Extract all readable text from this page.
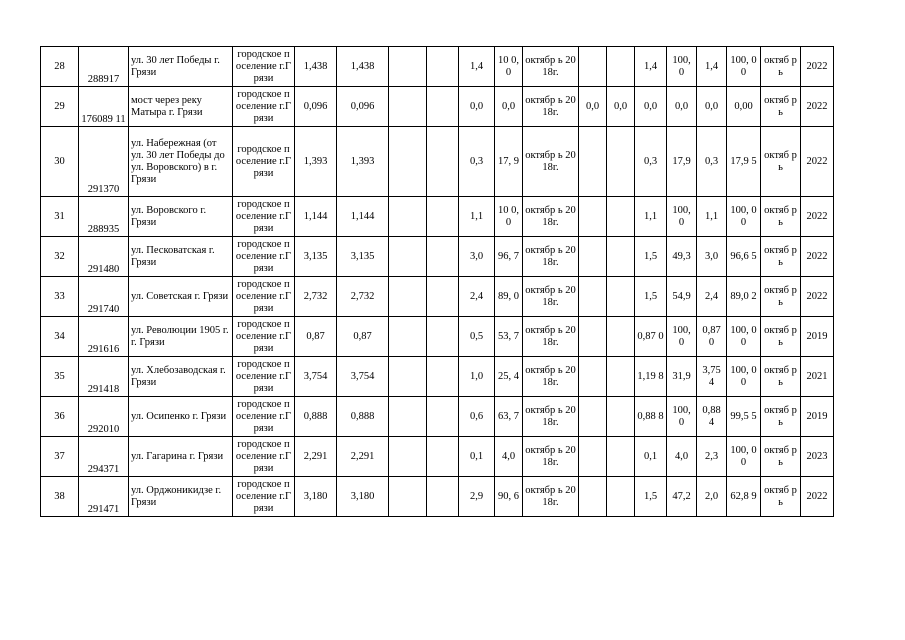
28	288917	ул. 30 лет Победы г. Грязи	городское поселение г.Грязи	1,438	1,438			1,4	10 0,0	октябр ь 2018г.			1,4	100, 0	1,4	100, 00	октяб рь	2022
29	176089 11	мост через реку Матыра г. Грязи	городское поселение г.Грязи	0,096	0,096			0,0	0,0	октябр ь 2018г.	0,0	0,0	0,0	0,0	0,0	0,00	октяб рь	2022
30	291370	ул. Набережная (от ул. 30 лет Победы до ул. Воровского) в г. Грязи	городское поселение г.Грязи	1,393	1,393			0,3	17, 9	октябр ь 2018г.			0,3	17,9	0,3	17,9 5	октяб рь	2022
31	288935	ул. Воровского г. Грязи	городское поселение г.Грязи	1,144	1,144			1,1	10 0,0	октябр ь 2018г.			1,1	100, 0	1,1	100, 00	октяб рь	2022
32	291480	ул. Песковатская г. Грязи	городское поселение г.Грязи	3,135	3,135			3,0	96, 7	октябр ь 2018г.			1,5	49,3	3,0	96,6 5	октяб рь	2022
33	291740	ул. Советская г. Грязи	городское поселение г.Грязи	2,732	2,732			2,4	89, 0	октябр ь 2018г.			1,5	54,9	2,4	89,0 2	октяб рь	2022
34	291616	ул. Революции 1905 г. г. Грязи	городское поселение г.Грязи	0,87	0,87			0,5	53, 7	октябр ь 2018г.			0,87 0	100, 0	0,87 0	100, 00	октяб рь	2019
35	291418	ул. Хлебозаводская г. Грязи	городское поселение г.Грязи	3,754	3,754			1,0	25, 4	октябр ь 2018г.			1,19 8	31,9	3,75 4	100, 00	октяб рь	2021
36	292010	ул. Осипенко г. Грязи	городское поселение г.Грязи	0,888	0,888			0,6	63, 7	октябр ь 2018г.			0,88 8	100, 0	0,88 4	99,5 5	октяб рь	2019
37	294371	ул. Гагарина г. Грязи	городское поселение г.Грязи	2,291	2,291			0,1	4,0	октябр ь 2018г.			0,1	4,0	2,3	100, 00	октяб рь	2023
38	291471	ул. Орджоникидзе г. Грязи	городское поселение г.Грязи	3,180	3,180			2,9	90, 6	октябр ь 2018г.			1,5	47,2	2,0	62,8 9	октяб рь	2022
